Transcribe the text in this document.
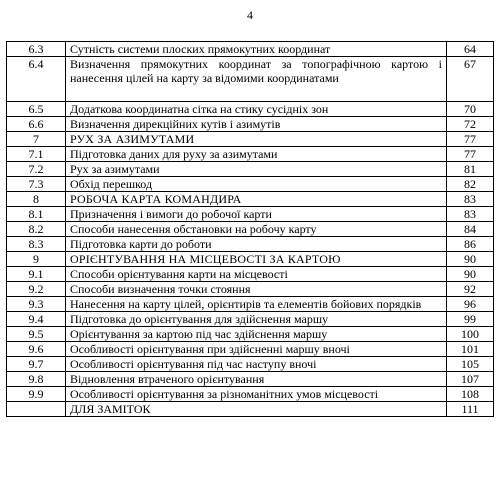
4
6.3	Сутність системи плоских прямокутних координат	64
6.4	Визначення прямокутних координат за топографічною картою і нанесення цілей на карту за відомими координатами	67
6.5	Додаткова координатна сітка на стику сусідніх зон	70
6.6	Визначення дирекційних кутів і азимутів	72
7	РУХ ЗА АЗИМУТАМИ	77
7.1	Підготовка даних для руху за азимутами	77
7.2	Рух за азимутами	81
7.3	Обхід перешкод	82
8	РОБОЧА КАРТА КОМАНДИРА	83
8.1	Призначення і вимоги до робочої карти	83
8.2	Способи нанесення обстановки на робочу карту	84
8.3	Підготовка карти до роботи	86
9	ОРІЄНТУВАННЯ НА МІСЦЕВОСТІ ЗА КАРТОЮ	90
9.1	Способи орієнтування карти на місцевості	90
9.2	Способи визначення точки стояння	92
9.3	Нанесення на карту цілей, орієнтирів та елементів бойових порядків	96
9.4	Підготовка до орієнтування для здійснення маршу	99
9.5	Орієнтування за картою під час здійснення маршу	100
9.6	Особливості орієнтування при здійсненні маршу вночі	101
9.7	Особливості орієнтування під час наступу вночі	105
9.8	Відновлення втраченого орієнтування	107
9.9	Особливості орієнтування за різноманітних умов місцевості	108
	ДЛЯ ЗАМІТОК	111
